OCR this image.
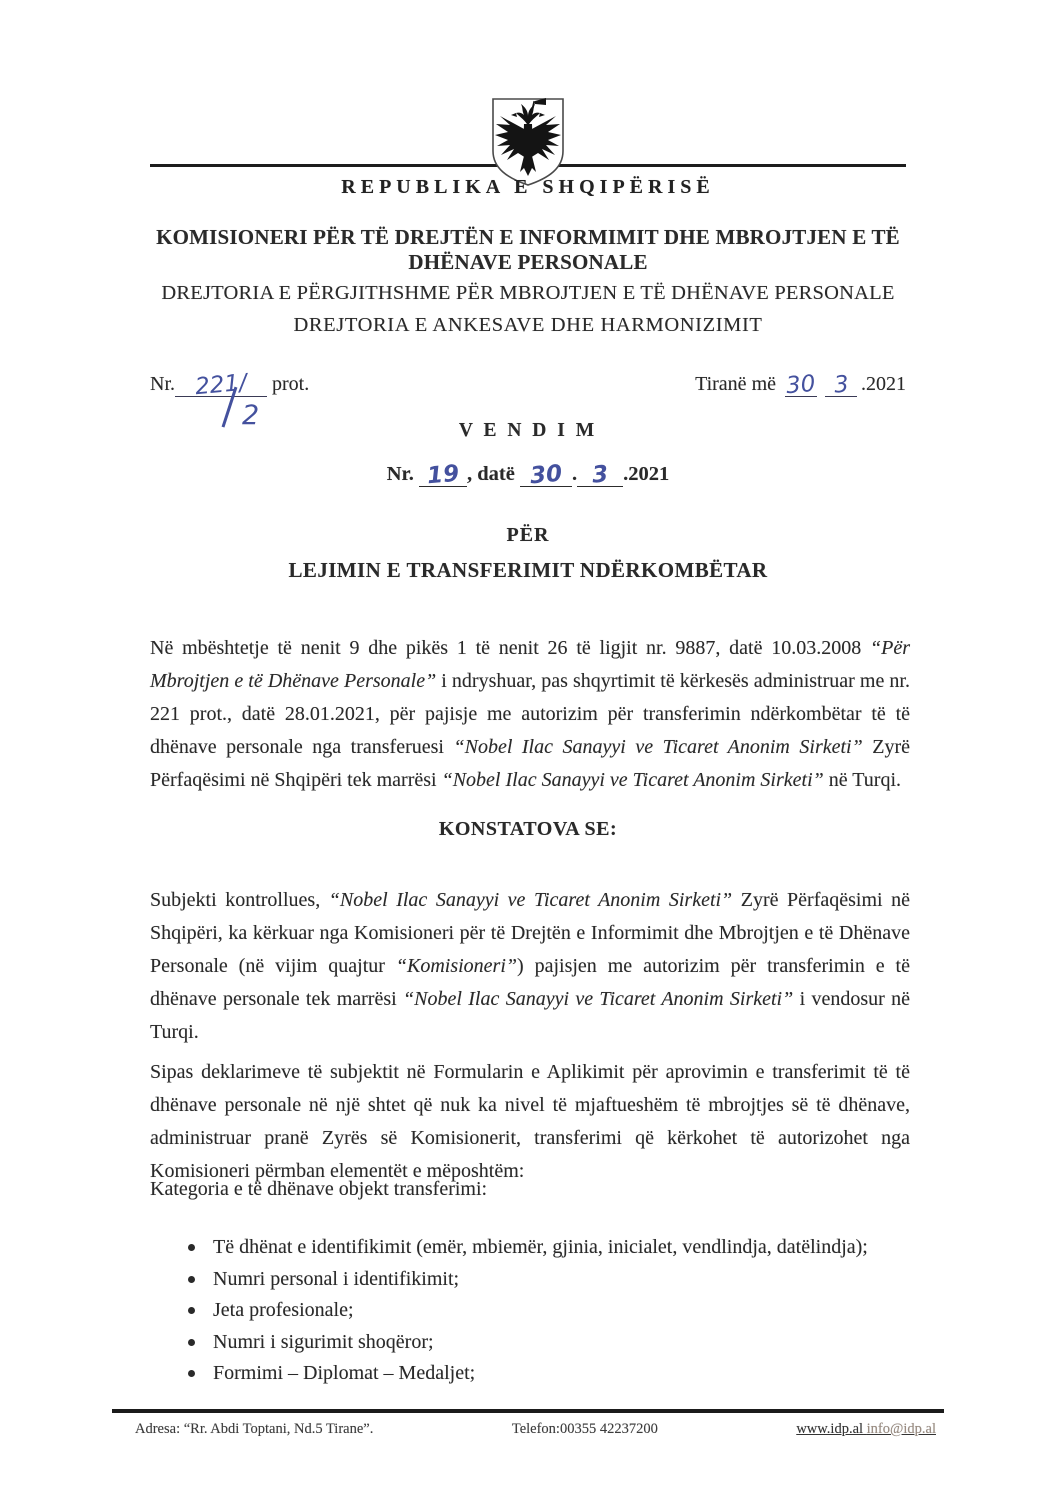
REPUBLIKA E SHQIPËRISË
KOMISIONERI PËR TË DREJTËN E INFORMIMIT DHE MBROJTJEN E TË DHËNAVE PERSONALE
DREJTORIA E PËRGJITHSHME PËR MBROJTJEN E TË DHËNAVE PERSONALE
DREJTORIA E ANKESAVE DHE HARMONIZIMIT
Nr. 221/ prot.
2
Tiranë më 30 3 .2021
V E N D I M
Nr. 19 , datë 30 . 3 .2021
PËR
LEJIMIN E TRANSFERIMIT NDËRKOMBËTAR

Në mbështetje të nenit 9 dhe pikës 1 të nenit 26 të ligjit nr. 9887, datë 10.03.2008 “Për Mbrojtjen e të Dhënave Personale” i ndryshuar, pas shqyrtimit të kërkesës administruar me nr. 221 prot., datë 28.01.2021, për pajisje me autorizim për transferimin ndërkombëtar të të dhënave personale nga transferuesi “Nobel Ilac Sanayyi ve Ticaret Anonim Sirketi” Zyrë Përfaqësimi në Shqipëri tek marrësi “Nobel Ilac Sanayyi ve Ticaret Anonim Sirketi” në Turqi.

KONSTATOVA SE:

Subjekti kontrollues, “Nobel Ilac Sanayyi ve Ticaret Anonim Sirketi” Zyrë Përfaqësimi në Shqipëri, ka kërkuar nga Komisioneri për të Drejtën e Informimit dhe Mbrojtjen e të Dhënave Personale (në vijim quajtur “Komisioneri”) pajisjen me autorizim për transferimin e të dhënave personale tek marrësi “Nobel Ilac Sanayyi ve Ticaret Anonim Sirketi” i vendosur në Turqi.

Sipas deklarimeve të subjektit në Formularin e Aplikimit për aprovimin e transferimit të të dhënave personale në një shtet që nuk ka nivel të mjaftueshëm të mbrojtjes së të dhënave, administruar pranë Zyrës së Komisionerit, transferimi që kërkohet të autorizohet nga Komisioneri përmban elementët e mëposhtëm:

Kategoria e të dhënave objekt transferimi:
Të dhënat e identifikimit (emër, mbiemër, gjinia, inicialet, vendlindja, datëlindja);
Numri personal i identifikimit;
Jeta profesionale;
Numri i sigurimit shoqëror;
Formimi – Diplomat – Medaljet;
Adresa: “Rr. Abdi Toptani, Nd.5 Tirane”.	Telefon:00355 42237200	www.idp.al info@idp.al
